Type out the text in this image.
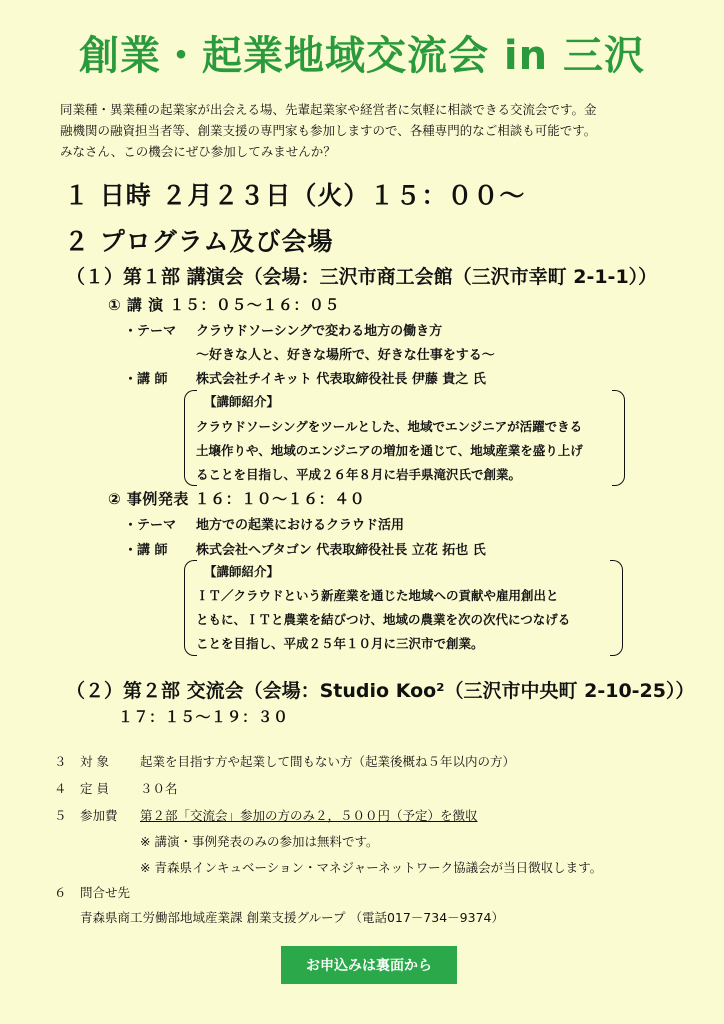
創業・起業地域交流会 in 三沢
同業種・異業種の起業家が出会える場、先輩起業家や経営者に気軽に相談できる交流会です。金
融機関の融資担当者等、創業支援の専門家も参加しますので、各種専門的なご相談も可能です。
みなさん、この機会にぜひ参加してみませんか？
１ 日時 ２月２３日（火）１５：００～
２ プログラム及び会場
（１）第１部 講演会（会場：三沢市商工会館（三沢市幸町 2-1-1））
① 講 演 １５：０５～１６：０５
・テーマ クラウドソーシングで変わる地方の働き方
～好きな人と、好きな場所で、好きな仕事をする～
・講 師 株式会社チイキット 代表取締役社長 伊藤 貴之 氏
【講師紹介】
クラウドソーシングをツールとした、地域でエンジニアが活躍できる
土壌作りや、地域のエンジニアの増加を通じて、地域産業を盛り上げ
ることを目指し、平成２６年８月に岩手県滝沢氏で創業。
② 事例発表 １６：１０～１６：４０
・テーマ 地方での起業におけるクラウド活用
・講 師 株式会社ヘプタゴン 代表取締役社長 立花 拓也 氏
【講師紹介】
ＩＴ／クラウドという新産業を通じた地域への貢献や雇用創出と
ともに、ＩＴと農業を結びつけ、地域の農業を次の次代につなげる
ことを目指し、平成２５年１０月に三沢市で創業。
（２）第２部 交流会（会場：Studio Koo²（三沢市中央町 2-10-25））
１７：１５～１９：３０
３ 対 象 起業を目指す方や起業して間もない方（起業後概ね５年以内の方）
４ 定 員 ３０名
５ 参加費 第２部「交流会」参加の方のみ２，５００円（予定）を徴収
※ 講演・事例発表のみの参加は無料です。
※ 青森県インキュベーション・マネジャーネットワーク協議会が当日徴収します。
６ 問合せ先
青森県商工労働部地域産業課 創業支援グループ （電話017－734－9374）
お申込みは裏面から
